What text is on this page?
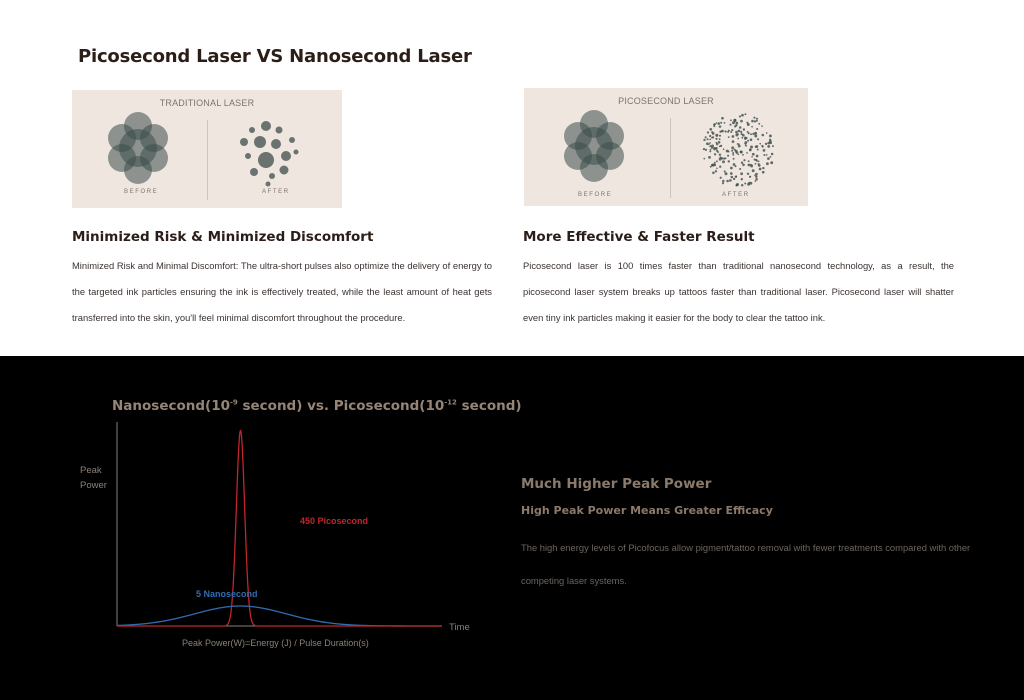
Picosecond Laser VS Nanosecond Laser
TRADITIONAL LASER
BEFORE	AFTER
PICOSECOND LASER
BEFORE	AFTER
Minimized Risk & Minimized Discomfort

Minimized Risk and Minimal Discomfort: The ultra-short pulses also optimize the delivery of energy to the targeted ink particles ensuring the ink is effectively treated, while the least amount of heat gets transferred into the skin, you'll feel minimal discomfort throughout the procedure.

More Effective & Faster Result

Picosecond laser is 100 times faster than traditional nanosecond technology, as a result, the picosecond laser system breaks up tattoos faster than traditional laser. Picosecond laser will shatter even tiny ink particles making it easier for the body to clear the tattoo ink.

$Nanosecond(10^{-9}$ second) vs. $Picosecond(10^{-12}$ second)
Peak
Power
Time
450 Picosecond
5 Nanosecond
Peak Power(W)=Energy (J) / Pulse Duration(s)
Much Higher Peak Power
High Peak Power Means Greater Efficacy

The high energy levels of Picofocus allow pigment/tattoo removal with fewer treatments compared with other competing laser systems.
